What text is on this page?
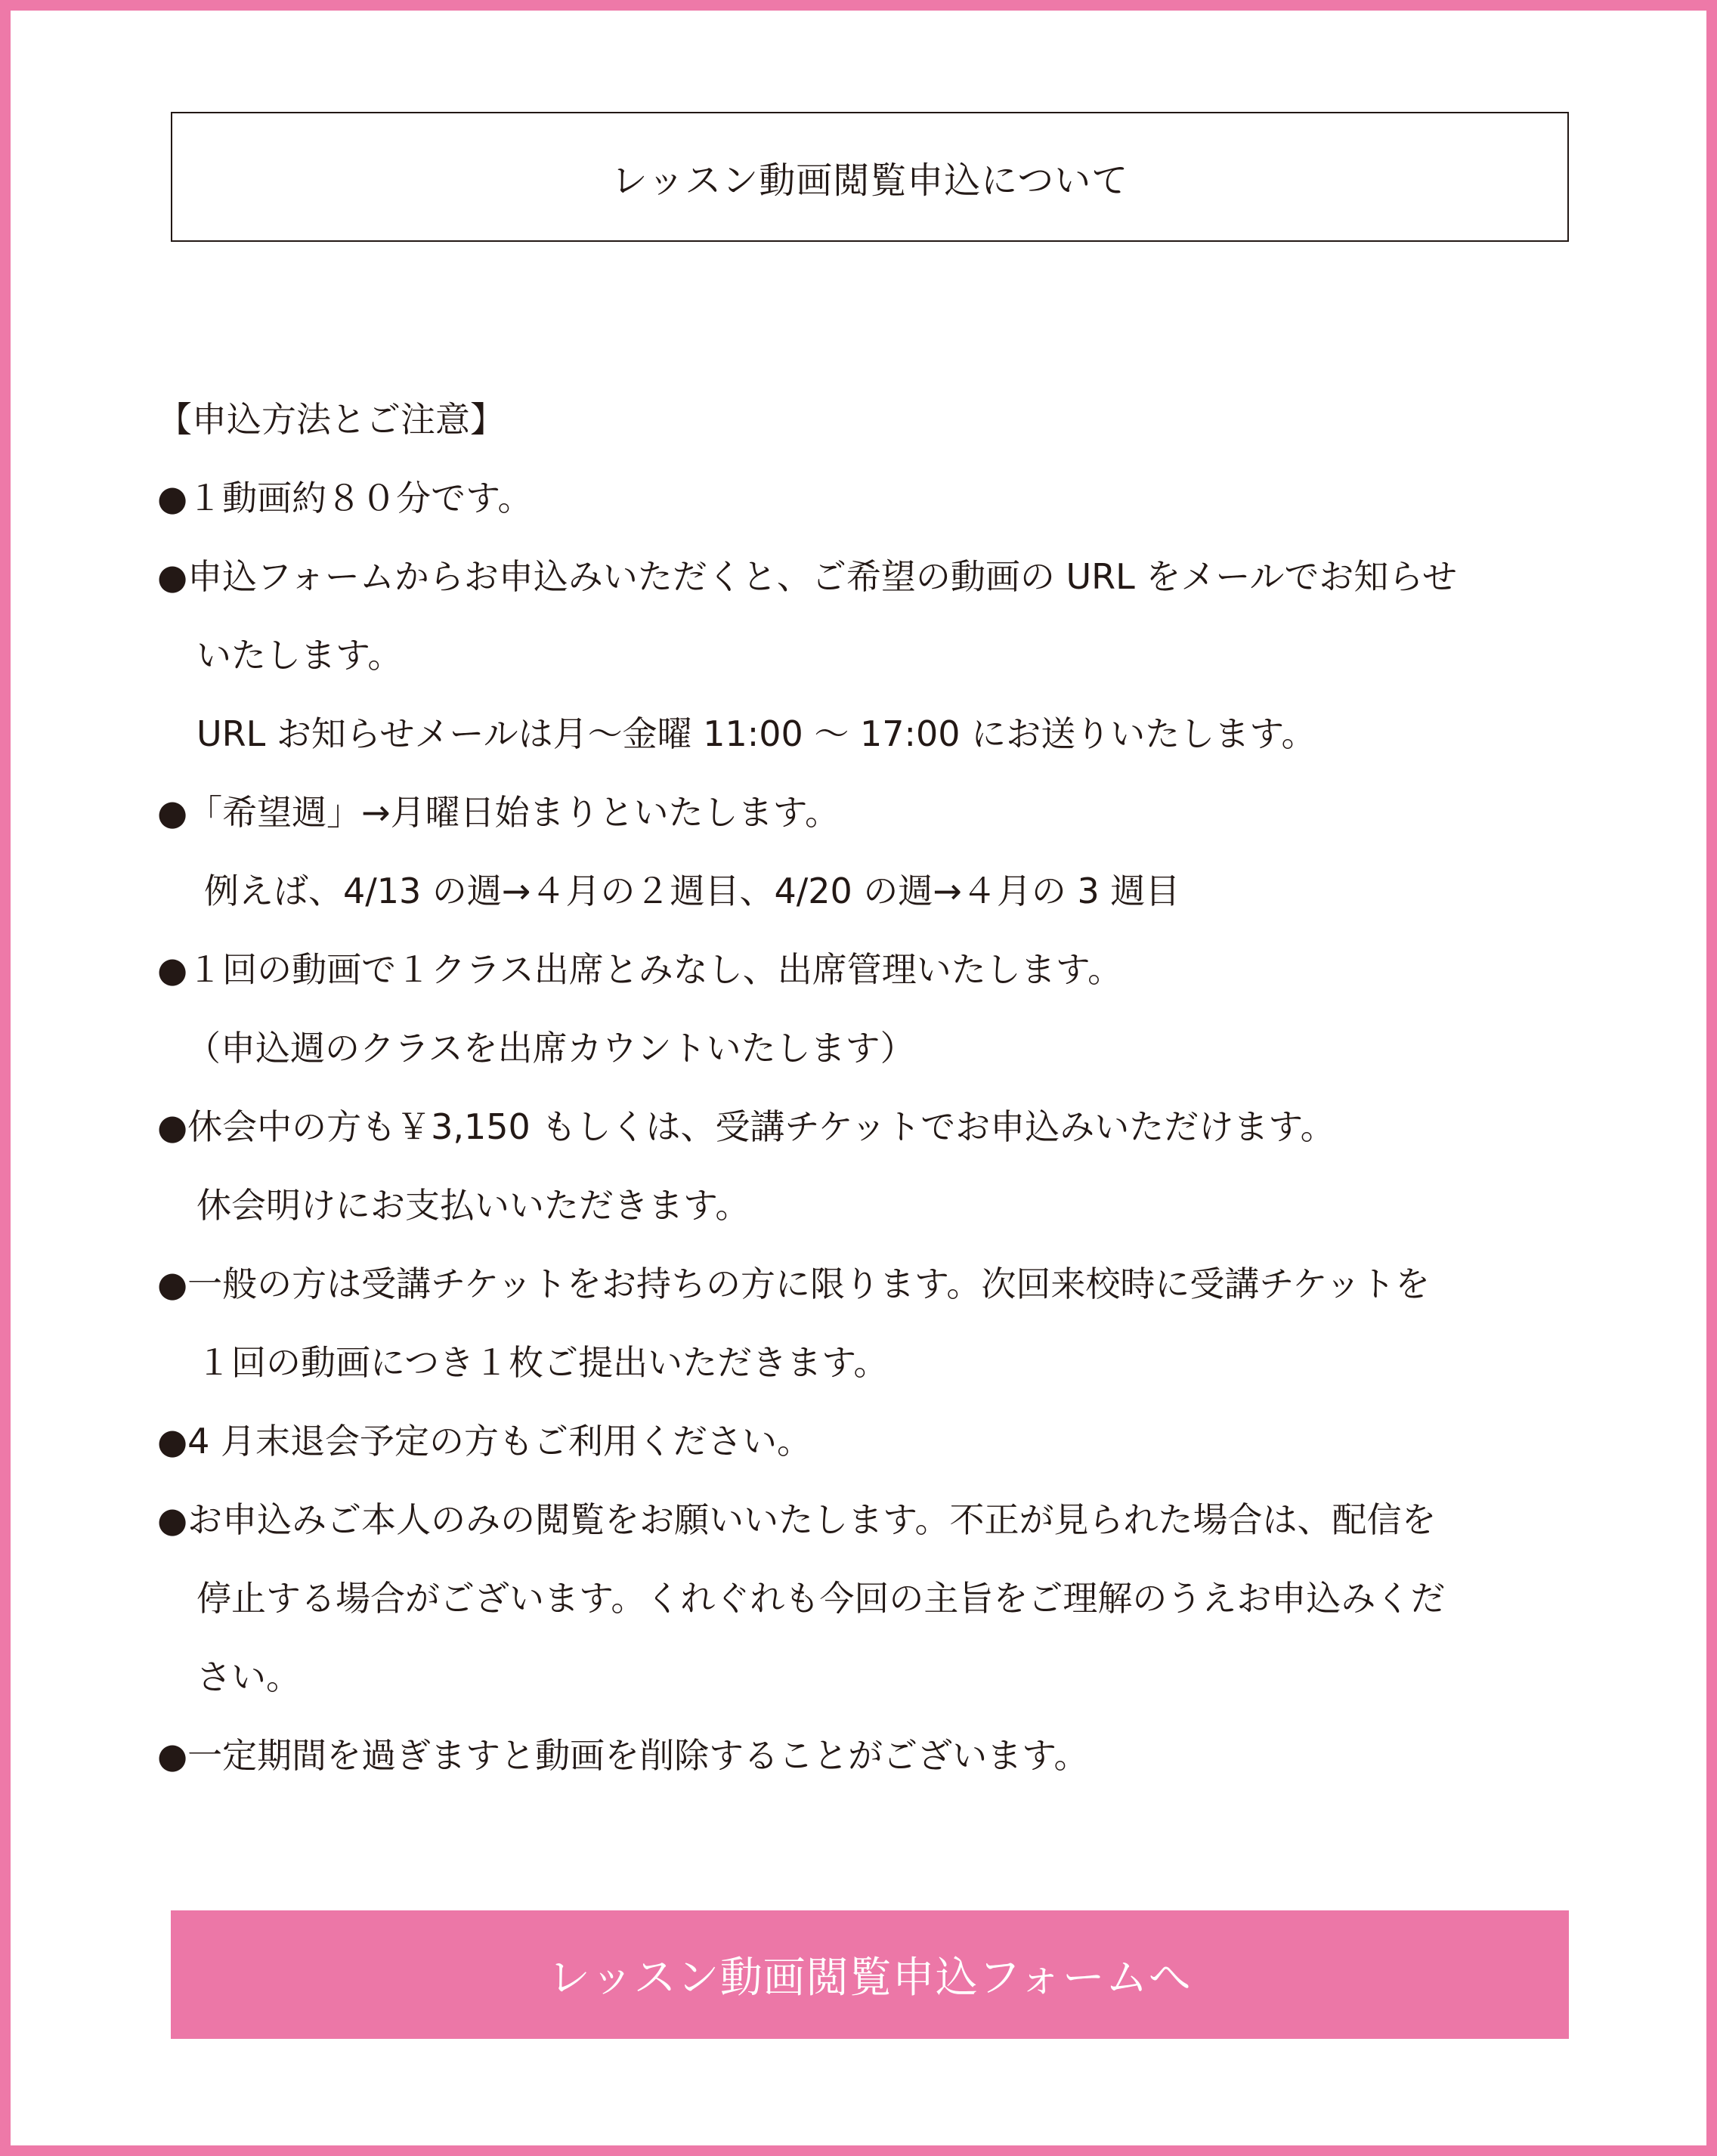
レッスン動画閲覧申込について
【申込方法とご注意】
●１動画約８０分です。
●申込フォームからお申込みいただくと、ご希望の動画の URL をメールでお知らせ
いたします。
URL お知らせメールは月～金曜 11:00 ～ 17:00 にお送りいたします。
●「希望週」→月曜日始まりといたします。
例えば、4/13 の週→４月の２週目、4/20 の週→４月の 3 週目
●１回の動画で１クラス出席とみなし、出席管理いたします。
（申込週のクラスを出席カウントいたします）
●休会中の方も￥3,150 もしくは、受講チケットでお申込みいただけます。
休会明けにお支払いいただきます。
●一般の方は受講チケットをお持ちの方に限ります。次回来校時に受講チケットを
１回の動画につき１枚ご提出いただきます。
●4 月末退会予定の方もご利用ください。
●お申込みご本人のみの閲覧をお願いいたします。不正が見られた場合は、配信を
停止する場合がございます。くれぐれも今回の主旨をご理解のうえお申込みくだ
さい。
●一定期間を過ぎますと動画を削除することがございます。
レッスン動画閲覧申込フォームへ
